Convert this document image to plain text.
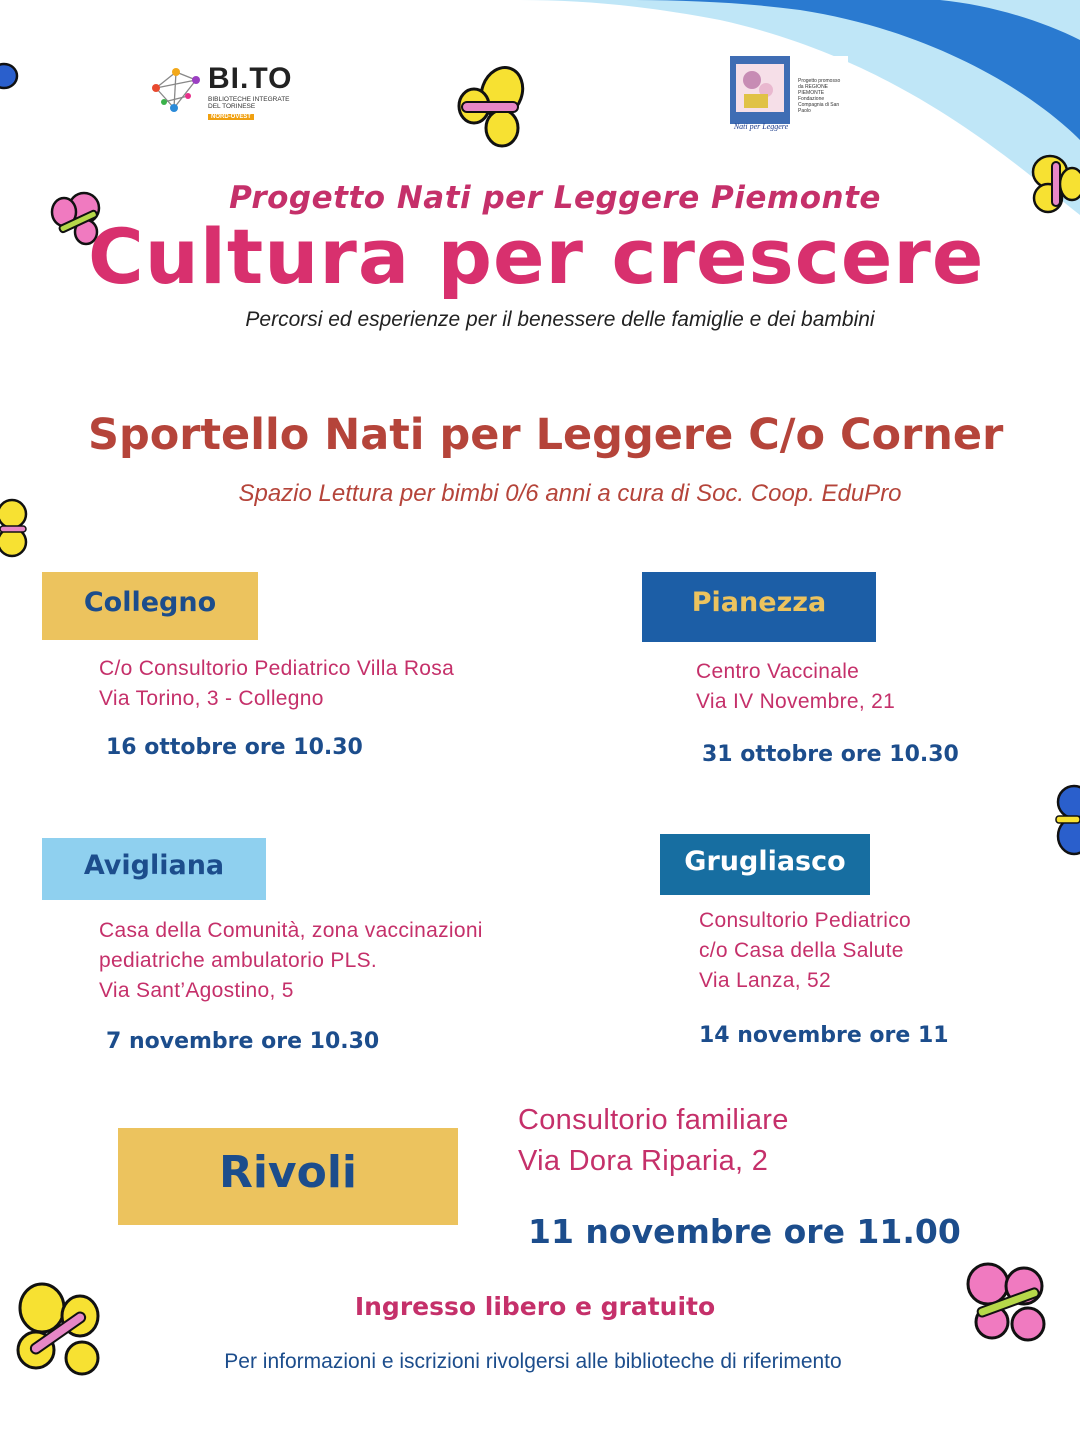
BI.TO
BIBLIOTECHE INTEGRATE DEL TORINESE
NORD-OVEST
Nati per Leggere
Progetto promosso da REGIONE PIEMONTE Fondazione Compagnia di San Paolo
Progetto Nati per Leggere Piemonte
Cultura per crescere
Percorsi ed esperienze per il benessere delle famiglie e dei bambini
Sportello Nati per Leggere C/o Corner
Spazio Lettura per bimbi 0/6 anni a cura di Soc. Coop. EduPro
Collegno
C/o Consultorio Pediatrico Villa Rosa
Via Torino, 3 - Collegno
16 ottobre ore 10.30
Pianezza
Centro Vaccinale
Via IV Novembre, 21
31 ottobre ore 10.30
Avigliana
Casa della Comunità, zona vaccinazioni
pediatriche ambulatorio PLS.
Via Sant’Agostino, 5
7 novembre ore 10.30
Grugliasco
Consultorio Pediatrico
c/o Casa della Salute
Via Lanza, 52
14 novembre ore 11
Rivoli
Consultorio familiare
Via Dora Riparia, 2
11 novembre ore 11.00
Ingresso libero e gratuito
Per informazioni e iscrizioni rivolgersi alle biblioteche di riferimento
